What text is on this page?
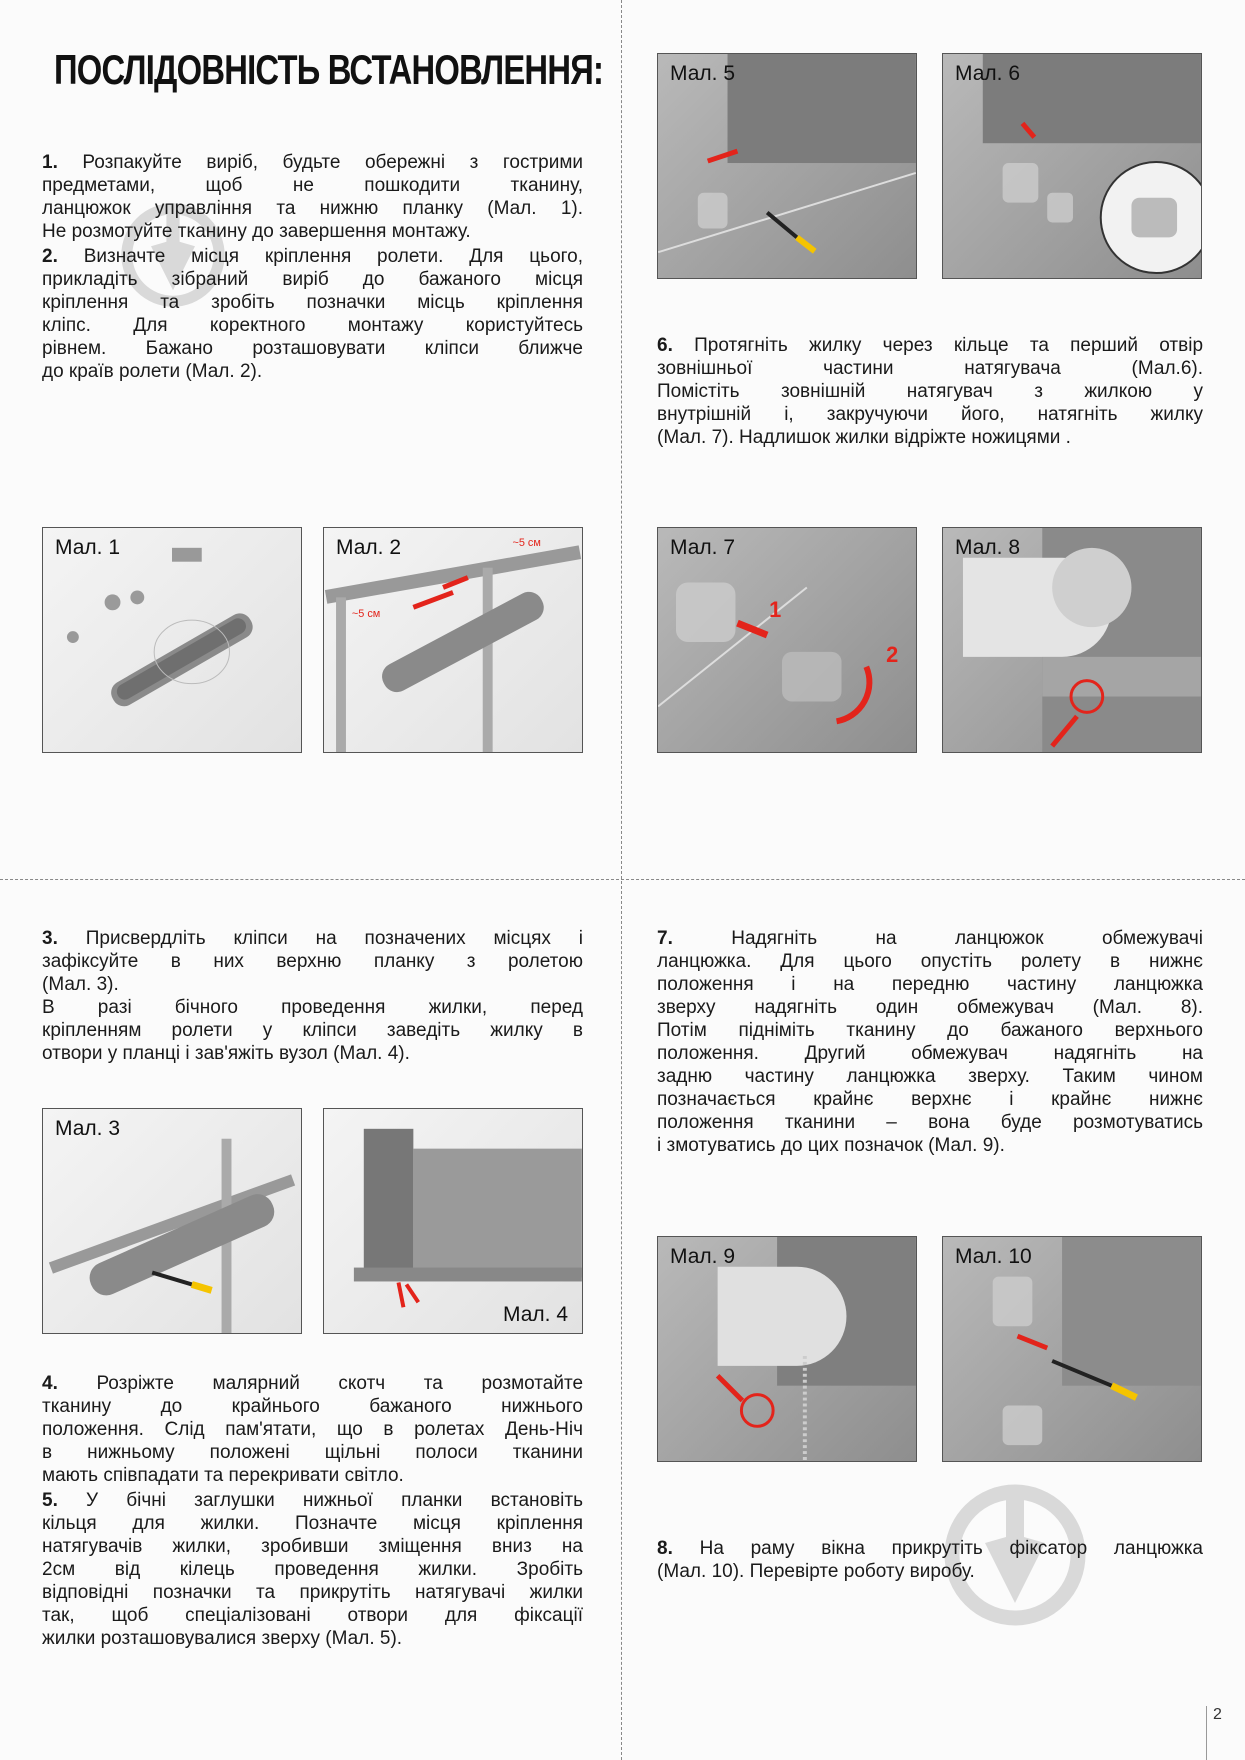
ПОСЛІДОВНІСТЬ ВСТАНОВЛЕННЯ:
1. Розпакуйте виріб, будьте обережні з гострими
предметами, щоб не пошкодити тканину,
ланцюжок управління та нижню планку (Мал. 1).
Не розмотуйте тканину до завершення монтажу.
2. Визначте місця кріплення ролети. Для цього,
прикладіть зібраний виріб до бажаного місця
кріплення та зробіть позначки місць кріплення
кліпс. Для коректного монтажу користуйтесь
рівнем. Бажано розташовувати кліпси ближче
до країв ролети (Мал. 2).
6. Протягніть жилку через кільце та перший отвір
зовнішньої частини натягувача (Мал.6).
Помістіть зовнішній натягувач з жилкою у
внутрішній і, закручуючи його, натягніть жилку
(Мал. 7). Надлишок жилки відріжте ножицями .
3. Присвердліть кліпси на позначених місцях і
зафіксуйте в них верхню планку з ролетою
(Мал. 3).
В разі бічного проведення жилки, перед
кріпленням ролети у кліпси заведіть жилку в
отвори у планці і зав'яжіть вузол (Мал. 4).
7.	Надягніть на ланцюжок обмежувачі
ланцюжка. Для цього опустіть ролету в нижнє
положення і на передню частину ланцюжка
зверху надягніть один обмежувач (Мал. 8).
Потім підніміть тканину до бажаного верхнього
положення. Другий обмежувач надягніть на
задню частину ланцюжка зверху. Таким чином
позначається крайнє верхнє і крайнє нижнє
положення тканини – вона буде розмотуватись
і змотуватись до цих позначок (Мал. 9).
4. Розріжте малярний скотч та розмотайте
тканину до крайнього бажаного нижнього
положення. Слід пам'ятати, що в ролетах День-Ніч
в нижньому положені щільні полоси тканини
мають співпадати та перекривати світло.
5. У бічні заглушки нижньої планки встановіть
кільця для жилки. Позначте місця кріплення
натягувачів жилки, зробивши зміщення вниз на
2см від кілець проведення жилки. Зробіть
відповідні позначки та прикрутіть натягувачі жилки
так, щоб спеціалізовані отвори для фіксації
жилки розташовувалися зверху (Мал. 5).
8. На раму вікна прикрутіть фіксатор ланцюжка
(Мал. 10). Перевірте роботу виробу.
Мал. 1	~5 см
~5 см
Мал. 2
Мал. 5	Мал. 6
1
2
Мал. 7	Мал. 8
Мал. 3
Мал. 4
Мал. 9	Мал. 10
2
